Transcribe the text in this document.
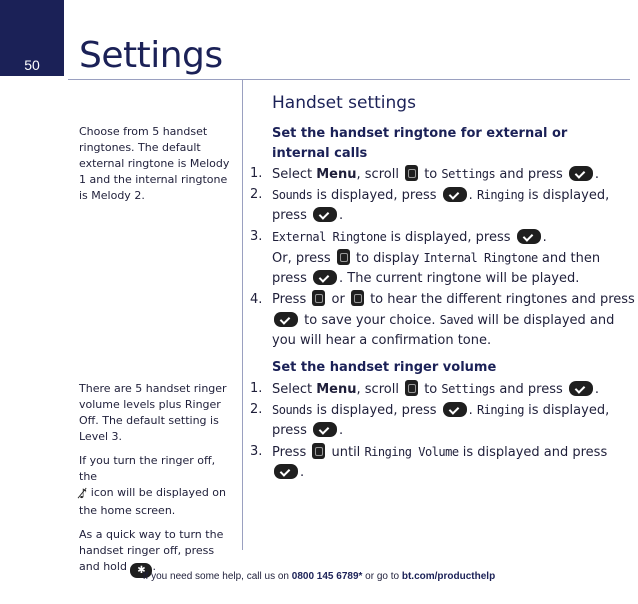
50	Settings

Choose from 5 handset ringtones. The default external ringtone is Melody 1 and the internal ringtone is Melody 2.

There are 5 handset ringer volume levels plus Ringer Off. The default setting is Level 3.

If you turn the ringer off, the
♪̸ icon will be displayed on the home screen.

As a quick way to turn the handset ringer off, press and hold ✱ .

Handset settings
Set the handset ringtone for external or internal calls
1. Select Menu, scroll  to Settings and press .
2. Sounds is displayed, press . Ringing is displayed, press .
3. External Ringtone is displayed, press .
Or, press  to display Internal Ringtone and then press . The current ringtone will be played.
4. Press  or  to hear the different ringtones and press  to save your choice. Saved will be displayed and you will hear a confirmation tone.
Set the handset ringer volume
1. Select Menu, scroll  to Settings and press .
2. Sounds is displayed, press . Ringing is displayed, press .
3. Press  until Ringing Volume is displayed and press .
If you need some help, call us on 0800 145 6789* or go to bt.com/producthelp
